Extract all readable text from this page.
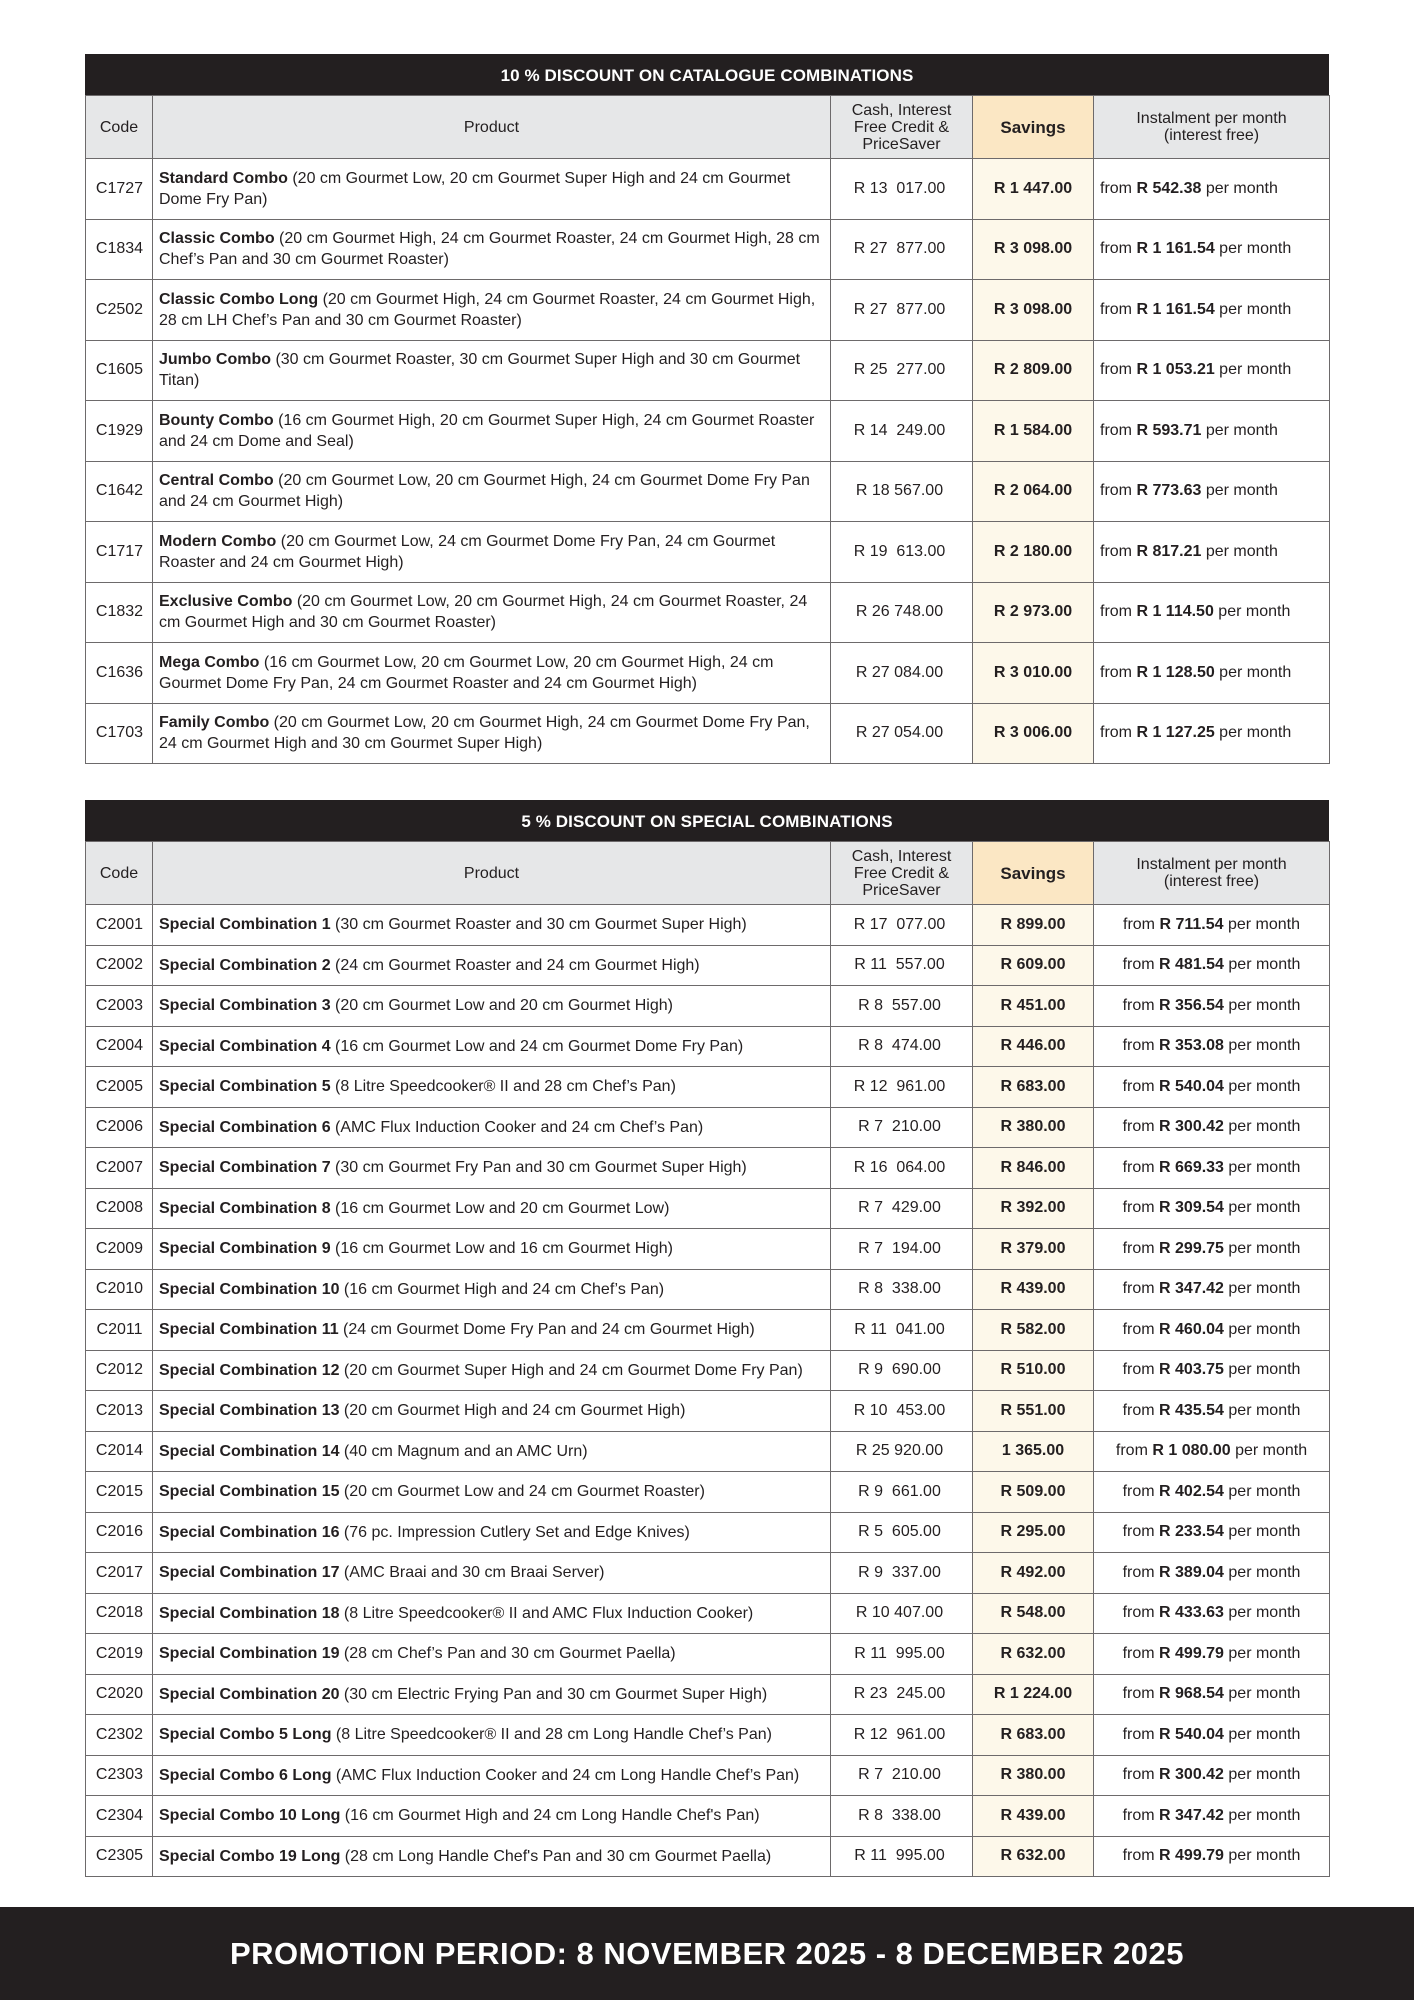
10 % DISCOUNT ON CATALOGUE COMBINATIONS
Code	Product	Cash, Interest Free Credit & PriceSaver	Savings	Instalment per month (interest free)
C1727	Standard Combo (20 cm Gourmet Low, 20 cm Gourmet Super High and 24 cm Gourmet Dome Fry Pan)	R 13  017.00	R 1 447.00	from R 542.38 per month
C1834	Classic Combo (20 cm Gourmet High, 24 cm Gourmet Roaster, 24 cm Gourmet High, 28 cm Chef’s Pan and 30 cm Gourmet Roaster)	R 27  877.00	R 3 098.00	from R 1 161.54 per month
C2502	Classic Combo Long (20 cm Gourmet High, 24 cm Gourmet Roaster, 24 cm Gourmet High, 28 cm LH Chef’s Pan and 30 cm Gourmet Roaster)	R 27  877.00	R 3 098.00	from R 1 161.54 per month
C1605	Jumbo Combo (30 cm Gourmet Roaster, 30 cm Gourmet Super High and 30 cm Gourmet Titan)	R 25  277.00	R 2 809.00	from R 1 053.21 per month
C1929	Bounty Combo (16 cm Gourmet High, 20 cm Gourmet Super High, 24 cm Gourmet Roaster and 24 cm Dome and Seal)	R 14  249.00	R 1 584.00	from R 593.71 per month
C1642	Central Combo (20 cm Gourmet Low, 20 cm Gourmet High, 24 cm Gourmet Dome Fry Pan and 24 cm Gourmet High)	R 18 567.00	R 2 064.00	from R 773.63 per month
C1717	Modern Combo (20 cm Gourmet Low, 24 cm Gourmet Dome Fry Pan, 24 cm Gourmet Roaster and 24 cm Gourmet High)	R 19  613.00	R 2 180.00	from R 817.21 per month
C1832	Exclusive Combo (20 cm Gourmet Low, 20 cm Gourmet High, 24 cm Gourmet Roaster, 24 cm Gourmet High and 30 cm Gourmet Roaster)	R 26 748.00	R 2 973.00	from R 1 114.50 per month
C1636	Mega Combo (16 cm Gourmet Low, 20 cm Gourmet Low, 20 cm Gourmet High, 24 cm Gourmet Dome Fry Pan, 24 cm Gourmet Roaster and 24 cm Gourmet High)	R 27 084.00	R 3 010.00	from R 1 128.50 per month
C1703	Family Combo (20 cm Gourmet Low, 20 cm Gourmet High, 24 cm Gourmet Dome Fry Pan, 24 cm Gourmet High and 30 cm Gourmet Super High)	R 27 054.00	R 3 006.00	from R 1 127.25 per month
5 % DISCOUNT ON SPECIAL COMBINATIONS
Code	Product	Cash, Interest Free Credit & PriceSaver	Savings	Instalment per month (interest free)
C2001	Special Combination 1 (30 cm Gourmet Roaster and 30 cm Gourmet Super High)	R 17  077.00	R 899.00	from R 711.54 per month
C2002	Special Combination 2 (24 cm Gourmet Roaster and 24 cm Gourmet High)	R 11  557.00	R 609.00	from R 481.54 per month
C2003	Special Combination 3 (20 cm Gourmet Low and 20 cm Gourmet High)	R 8  557.00	R 451.00	from R 356.54 per month
C2004	Special Combination 4 (16 cm Gourmet Low and 24 cm Gourmet Dome Fry Pan)	R 8  474.00	R 446.00	from R 353.08 per month
C2005	Special Combination 5 (8 Litre Speedcooker® II and 28 cm Chef’s Pan)	R 12  961.00	R 683.00	from R 540.04 per month
C2006	Special Combination 6 (AMC Flux Induction Cooker and 24 cm Chef’s Pan)	R 7  210.00	R 380.00	from R 300.42 per month
C2007	Special Combination 7 (30 cm Gourmet Fry Pan and 30 cm Gourmet Super High)	R 16  064.00	R 846.00	from R 669.33 per month
C2008	Special Combination 8 (16 cm Gourmet Low and 20 cm Gourmet Low)	R 7  429.00	R 392.00	from R 309.54 per month
C2009	Special Combination 9 (16 cm Gourmet Low and 16 cm Gourmet High)	R 7  194.00	R 379.00	from R 299.75 per month
C2010	Special Combination 10 (16 cm Gourmet High and 24 cm Chef’s Pan)	R 8  338.00	R 439.00	from R 347.42 per month
C2011	Special Combination 11 (24 cm Gourmet Dome Fry Pan and 24 cm Gourmet High)	R 11  041.00	R 582.00	from R 460.04 per month
C2012	Special Combination 12 (20 cm Gourmet Super High and 24 cm Gourmet Dome Fry Pan)	R 9  690.00	R 510.00	from R 403.75 per month
C2013	Special Combination 13 (20 cm Gourmet High and 24 cm Gourmet High)	R 10  453.00	R 551.00	from R 435.54 per month
C2014	Special Combination 14 (40 cm Magnum and an AMC Urn)	R 25 920.00	1 365.00	from R 1 080.00 per month
C2015	Special Combination 15 (20 cm Gourmet Low and 24 cm Gourmet Roaster)	R 9  661.00	R 509.00	from R 402.54 per month
C2016	Special Combination 16 (76 pc. Impression Cutlery Set and Edge Knives)	R 5  605.00	R 295.00	from R 233.54 per month
C2017	Special Combination 17 (AMC Braai and 30 cm Braai Server)	R 9  337.00	R 492.00	from R 389.04 per month
C2018	Special Combination 18 (8 Litre Speedcooker® II and AMC Flux Induction Cooker)	R 10 407.00	R 548.00	from R 433.63 per month
C2019	Special Combination 19 (28 cm Chef’s Pan and 30 cm Gourmet Paella)	R 11  995.00	R 632.00	from R 499.79 per month
C2020	Special Combination 20 (30 cm Electric Frying Pan and 30 cm Gourmet Super High)	R 23  245.00	R 1 224.00	from R 968.54 per month
C2302	Special Combo 5 Long (8 Litre Speedcooker® II and 28 cm Long Handle Chef’s Pan)	R 12  961.00	R 683.00	from R 540.04 per month
C2303	Special Combo 6 Long (AMC Flux Induction Cooker and 24 cm Long Handle Chef’s Pan)	R 7  210.00	R 380.00	from R 300.42 per month
C2304	Special Combo 10 Long (16 cm Gourmet High and 24 cm Long Handle Chef's Pan)	R 8  338.00	R 439.00	from R 347.42 per month
C2305	Special Combo 19 Long (28 cm Long Handle Chef's Pan and 30 cm Gourmet Paella)	R 11  995.00	R 632.00	from R 499.79 per month
PROMOTION PERIOD: 8 NOVEMBER 2025 - 8 DECEMBER 2025
